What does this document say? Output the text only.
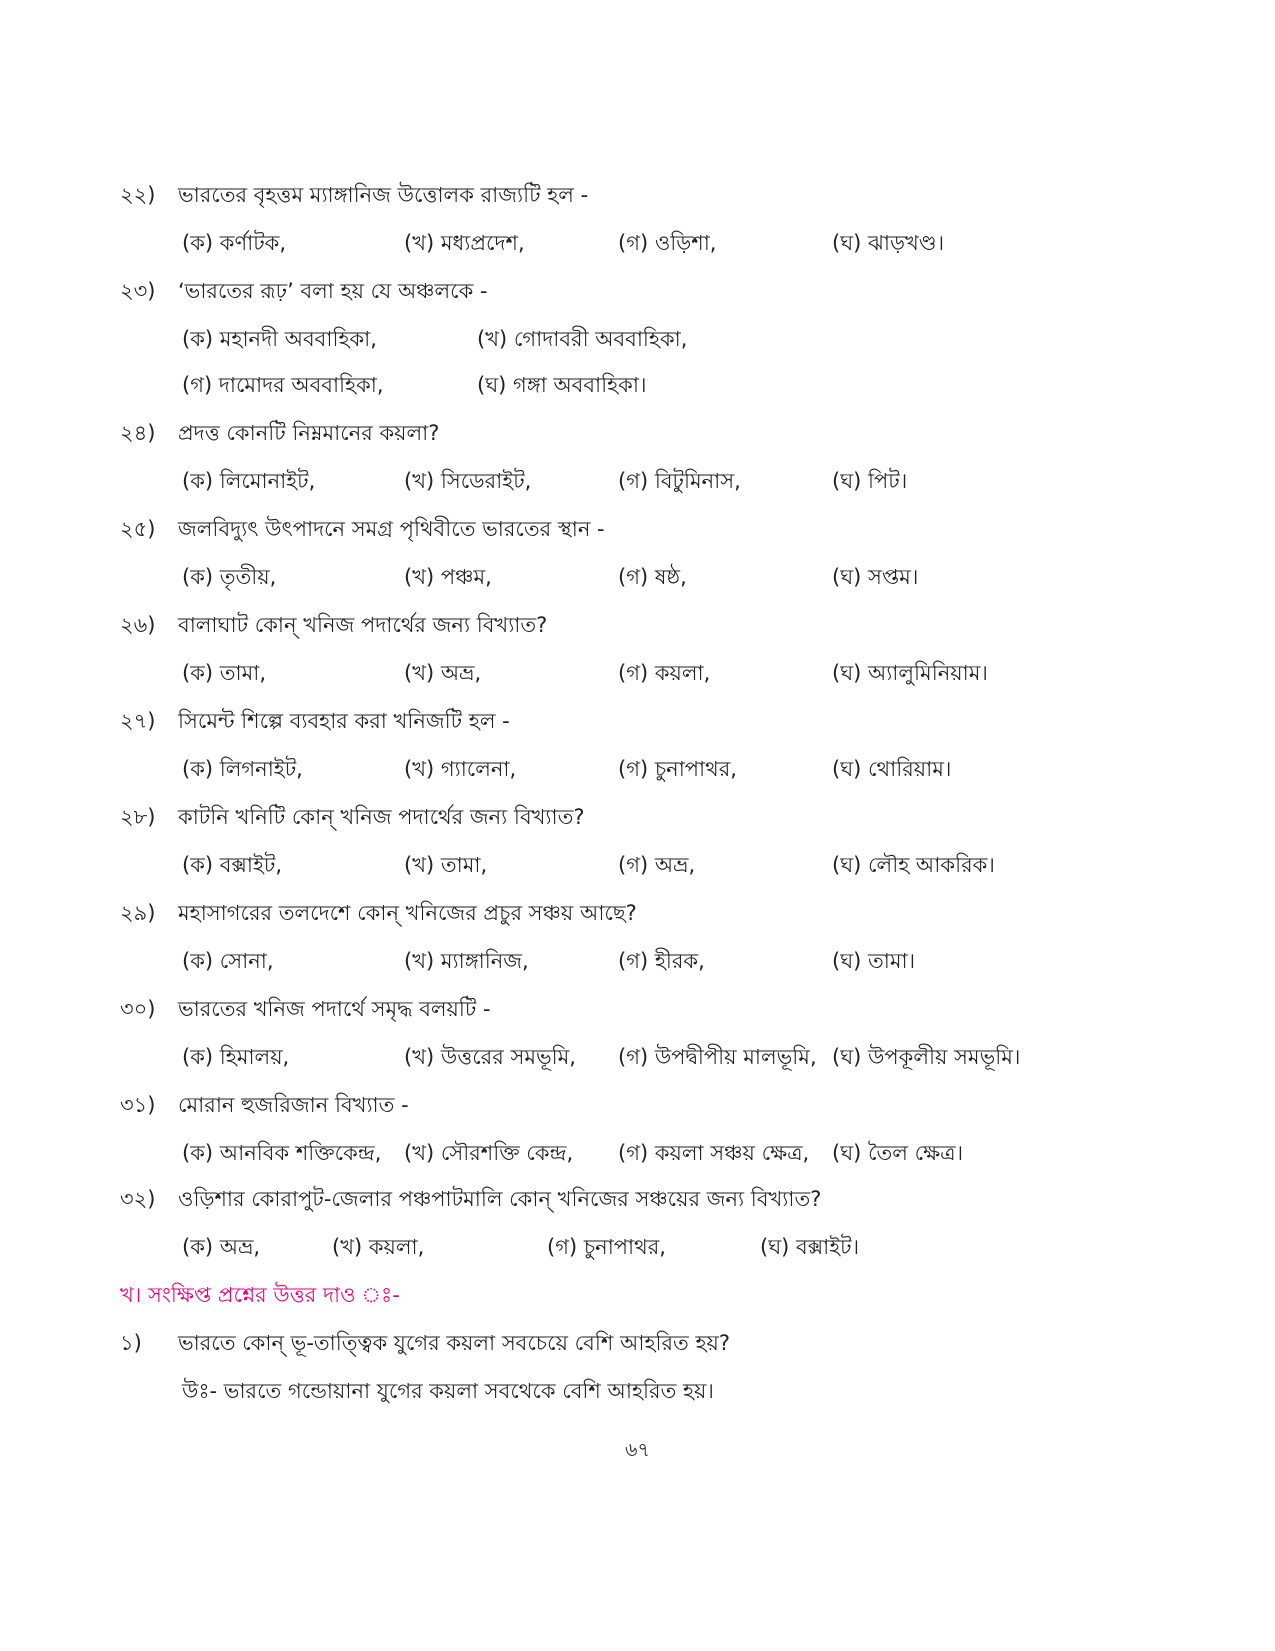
২২) ভারতের বৃহত্তম ম্যাঙ্গানিজ উত্তোলক রাজ্যটি হল -
(ক) কর্ণাটক,	(খ) মধ্যপ্রদেশ,	(গ) ওড়িশা,	(ঘ) ঝাড়খণ্ড।
২৩) ‘ভারতের রূঢ়’ বলা হয় যে অঞ্চলকে -
(ক) মহানদী অববাহিকা,	(খ) গোদাবরী অববাহিকা,
(গ) দামোদর অববাহিকা,	(ঘ) গঙ্গা অববাহিকা।
২৪) প্রদত্ত কোনটি নিম্নমানের কয়লা?
(ক) লিমোনাইট,	(খ) সিডেরাইট,	(গ) বিটুমিনাস,	(ঘ) পিট।
২৫) জলবিদ্যুৎ উৎপাদনে সমগ্র পৃথিবীতে ভারতের স্থান -
(ক) তৃতীয়,	(খ) পঞ্চম,	(গ) ষষ্ঠ,	(ঘ) সপ্তম।
২৬) বালাঘাট কোন্ খনিজ পদার্থের জন্য বিখ্যাত?
(ক) তামা,	(খ) অভ্র,	(গ) কয়লা,	(ঘ) অ্যালুমিনিয়াম।
২৭) সিমেন্ট শিল্পে ব্যবহার করা খনিজটি হল -
(ক) লিগনাইট,	(খ) গ্যালেনা,	(গ) চুনাপাথর,	(ঘ) থোরিয়াম।
২৮) কাটনি খনিটি কোন্ খনিজ পদার্থের জন্য বিখ্যাত?
(ক) বক্সাইট,	(খ) তামা,	(গ) অভ্র,	(ঘ) লৌহ আকরিক।
২৯) মহাসাগরের তলদেশে কোন্ খনিজের প্রচুর সঞ্চয় আছে?
(ক) সোনা,	(খ) ম্যাঙ্গানিজ,	(গ) হীরক,	(ঘ) তামা।
৩০) ভারতের খনিজ পদার্থে সমৃদ্ধ বলয়টি -
(ক) হিমালয়,	(খ) উত্তরের সমভূমি, (গ) উপদ্বীপীয় মালভূমি, (ঘ) উপকূলীয় সমভূমি।
৩১) মোরান হুজরিজান বিখ্যাত -
(ক) আনবিক শক্তিকেন্দ্র, (খ) সৌরশক্তি কেন্দ্র, (গ) কয়লা সঞ্চয় ক্ষেত্র, (ঘ) তৈল ক্ষেত্র।
৩২) ওড়িশার কোরাপুট-জেলার পঞ্চপাটমালি কোন্ খনিজের সঞ্চয়ের জন্য বিখ্যাত?
(ক) অভ্র,	(খ) কয়লা,	(গ) চুনাপাথর,	(ঘ) বক্সাইট।
খ। সংক্ষিপ্ত প্রশ্নের উত্তর দাও ঃ-
১) ভারতে কোন্ ভূ-তাত্ত্বিক যুগের কয়লা সবচেয়ে বেশি আহরিত হয়?
উঃ- ভারতে গন্ডোয়ানা যুগের কয়লা সবথেকে বেশি আহরিত হয়।
৬৭
